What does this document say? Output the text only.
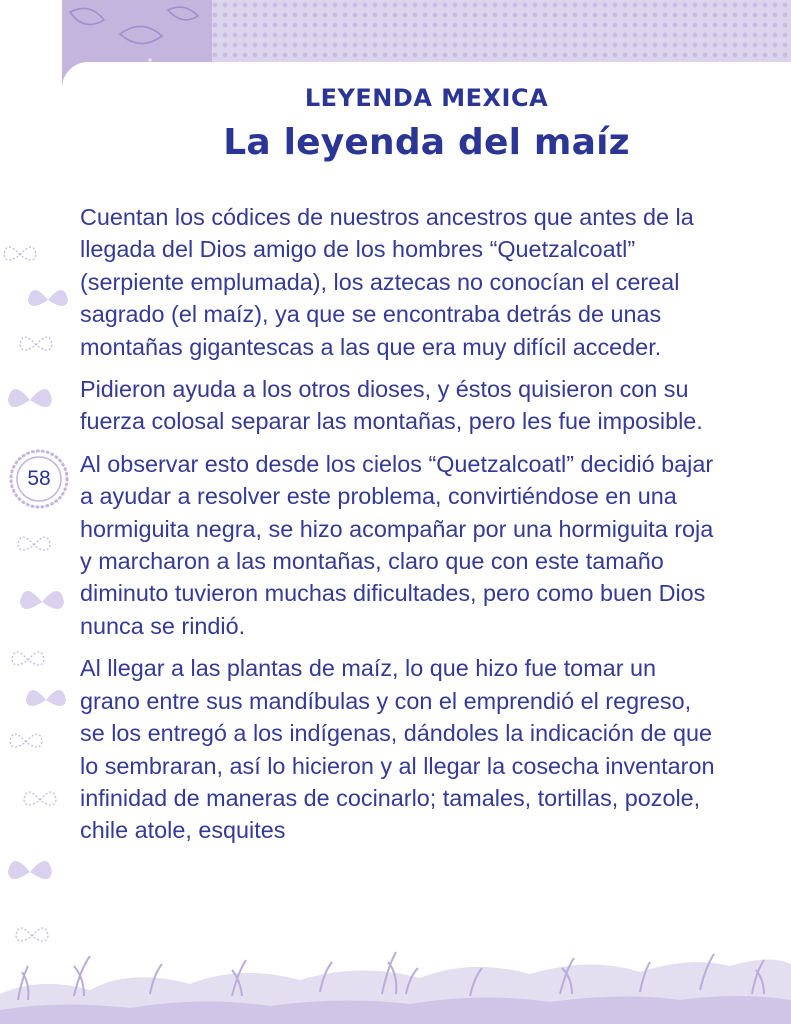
LEYENDA MEXICA
La leyenda del maíz

Cuentan los códices de nuestros ancestros que antes de la llegada del Dios amigo de los hombres “Quetzalcoatl” (serpiente emplumada), los aztecas no conocían el cereal sagrado (el maíz), ya que se encontraba detrás de unas montañas gigantescas a las que era muy difícil acceder.

Pidieron ayuda a los otros dioses, y éstos quisieron con su fuerza colosal separar las montañas, pero les fue imposible.

Al observar esto desde los cielos “Quetzalcoatl” decidió bajar a ayudar a resolver este problema, convirtiéndose en una hormiguita negra, se hizo acompañar por una hormiguita roja y marcharon a las montañas, claro que con este tamaño diminuto tuvieron muchas dificultades, pero como buen Dios nunca se rindió.

Al llegar a las plantas de maíz, lo que hizo fue tomar un grano entre sus mandíbulas y con el emprendió el regreso, se los entregó a los indígenas, dándoles la indicación de que lo sembraran, así lo hicieron y al llegar la cosecha inventaron infinidad de maneras de cocinarlo; tamales, tortillas, pozole, chile atole, esquites

58
